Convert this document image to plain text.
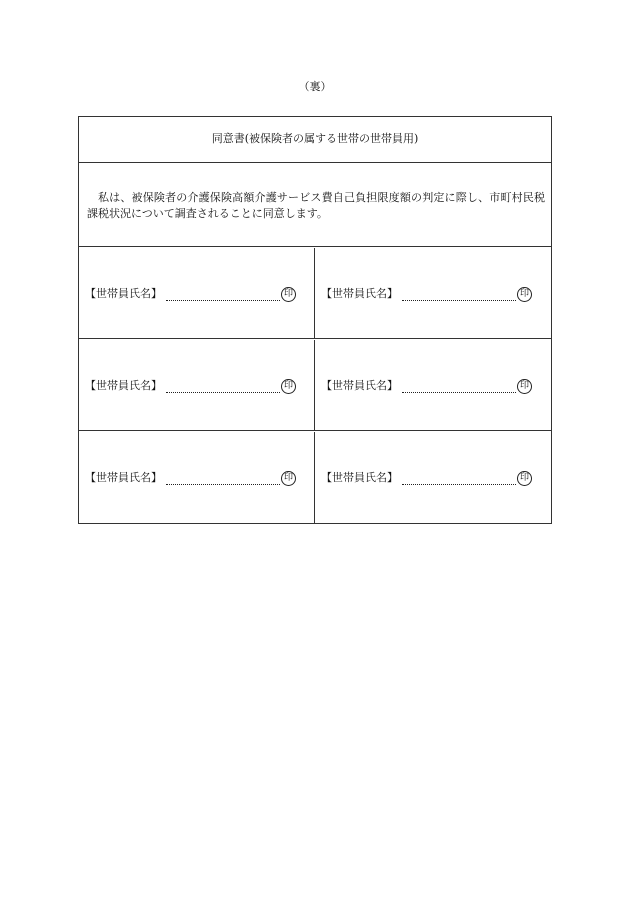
（裏）
同意書(被保険者の属する世帯の世帯員用)
私は、被保険者の介護保険高額介護サービス費自己負担限度額の判定に際し、市町村民税課税状況について調査されることに同意します。
【世帯員氏名】	印	【世帯員氏名】	印
【世帯員氏名】	印	【世帯員氏名】	印
【世帯員氏名】	印	【世帯員氏名】	印
